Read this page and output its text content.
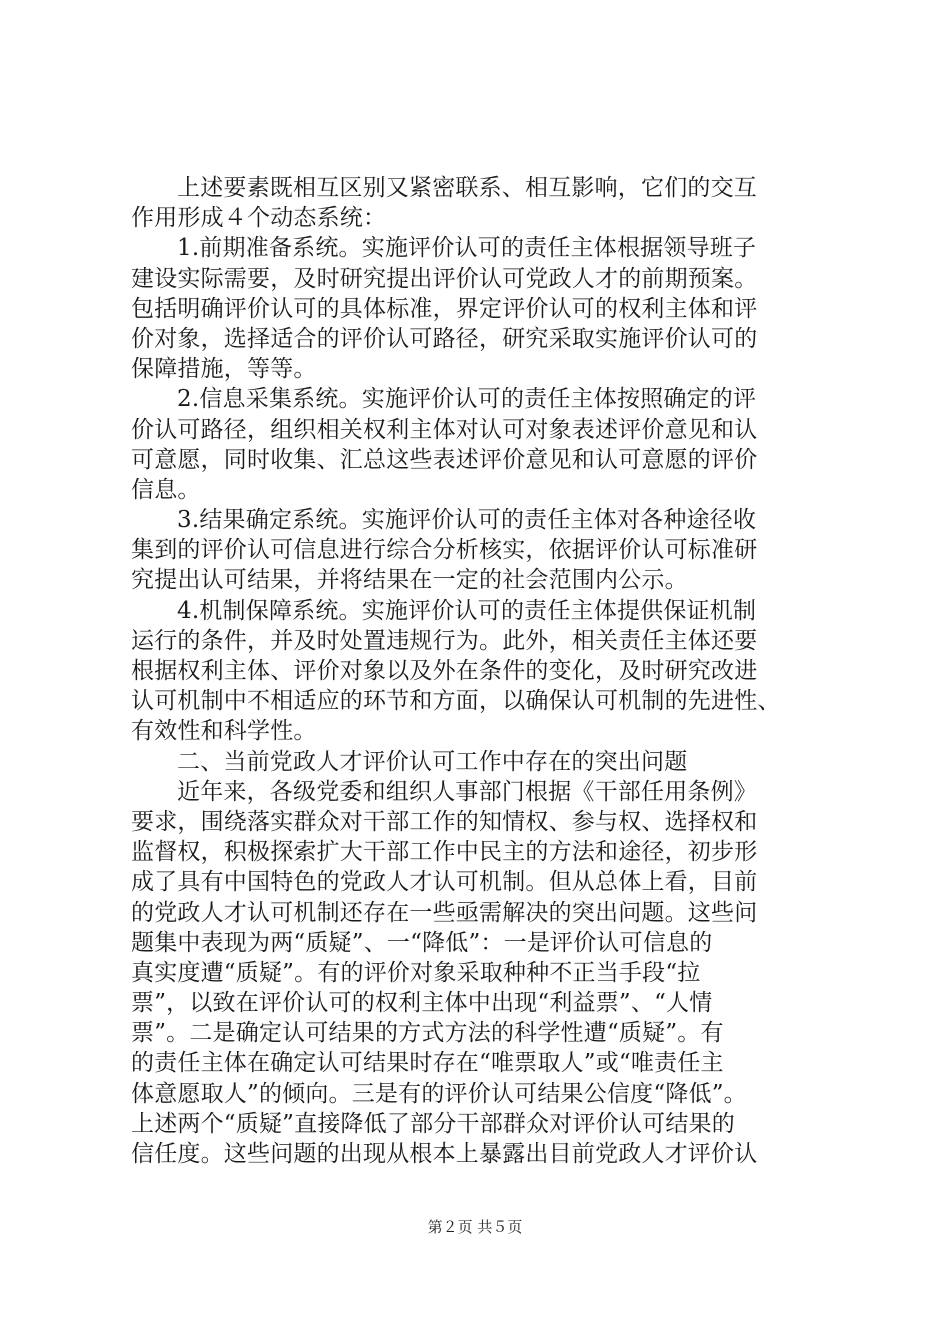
上述要素既相互区别又紧密联系、相互影响，它们的交互
作用形成４个动态系统：
1.前期准备系统。实施评价认可的责任主体根据领导班子
建设实际需要，及时研究提出评价认可党政人才的前期预案。
包括明确评价认可的具体标准，界定评价认可的权利主体和评
价对象，选择适合的评价认可路径，研究采取实施评价认可的
保障措施，等等。
2.信息采集系统。实施评价认可的责任主体按照确定的评
价认可路径，组织相关权利主体对认可对象表述评价意见和认
可意愿，同时收集、汇总这些表述评价意见和认可意愿的评价
信息。
3.结果确定系统。实施评价认可的责任主体对各种途径收
集到的评价认可信息进行综合分析核实，依据评价认可标准研
究提出认可结果，并将结果在一定的社会范围内公示。
4.机制保障系统。实施评价认可的责任主体提供保证机制
运行的条件，并及时处置违规行为。此外，相关责任主体还要
根据权利主体、评价对象以及外在条件的变化，及时研究改进
认可机制中不相适应的环节和方面，以确保认可机制的先进性、
有效性和科学性。
二、当前党政人才评价认可工作中存在的突出问题
近年来，各级党委和组织人事部门根据《干部任用条例》
要求，围绕落实群众对干部工作的知情权、参与权、选择权和
监督权，积极探索扩大干部工作中民主的方法和途径，初步形
成了具有中国特色的党政人才认可机制。但从总体上看，目前
的党政人才认可机制还存在一些亟需解决的突出问题。这些问
题集中表现为两“质疑”、一“降低”：一是评价认可信息的
真实度遭“质疑”。有的评价对象采取种种不正当手段“拉
票”，以致在评价认可的权利主体中出现“利益票”、“人情
票”。二是确定认可结果的方式方法的科学性遭“质疑”。有
的责任主体在确定认可结果时存在“唯票取人”或“唯责任主
体意愿取人”的倾向。三是有的评价认可结果公信度“降低”。
上述两个“质疑”直接降低了部分干部群众对评价认可结果的
信任度。这些问题的出现从根本上暴露出目前党政人才评价认
第２页 共５页
